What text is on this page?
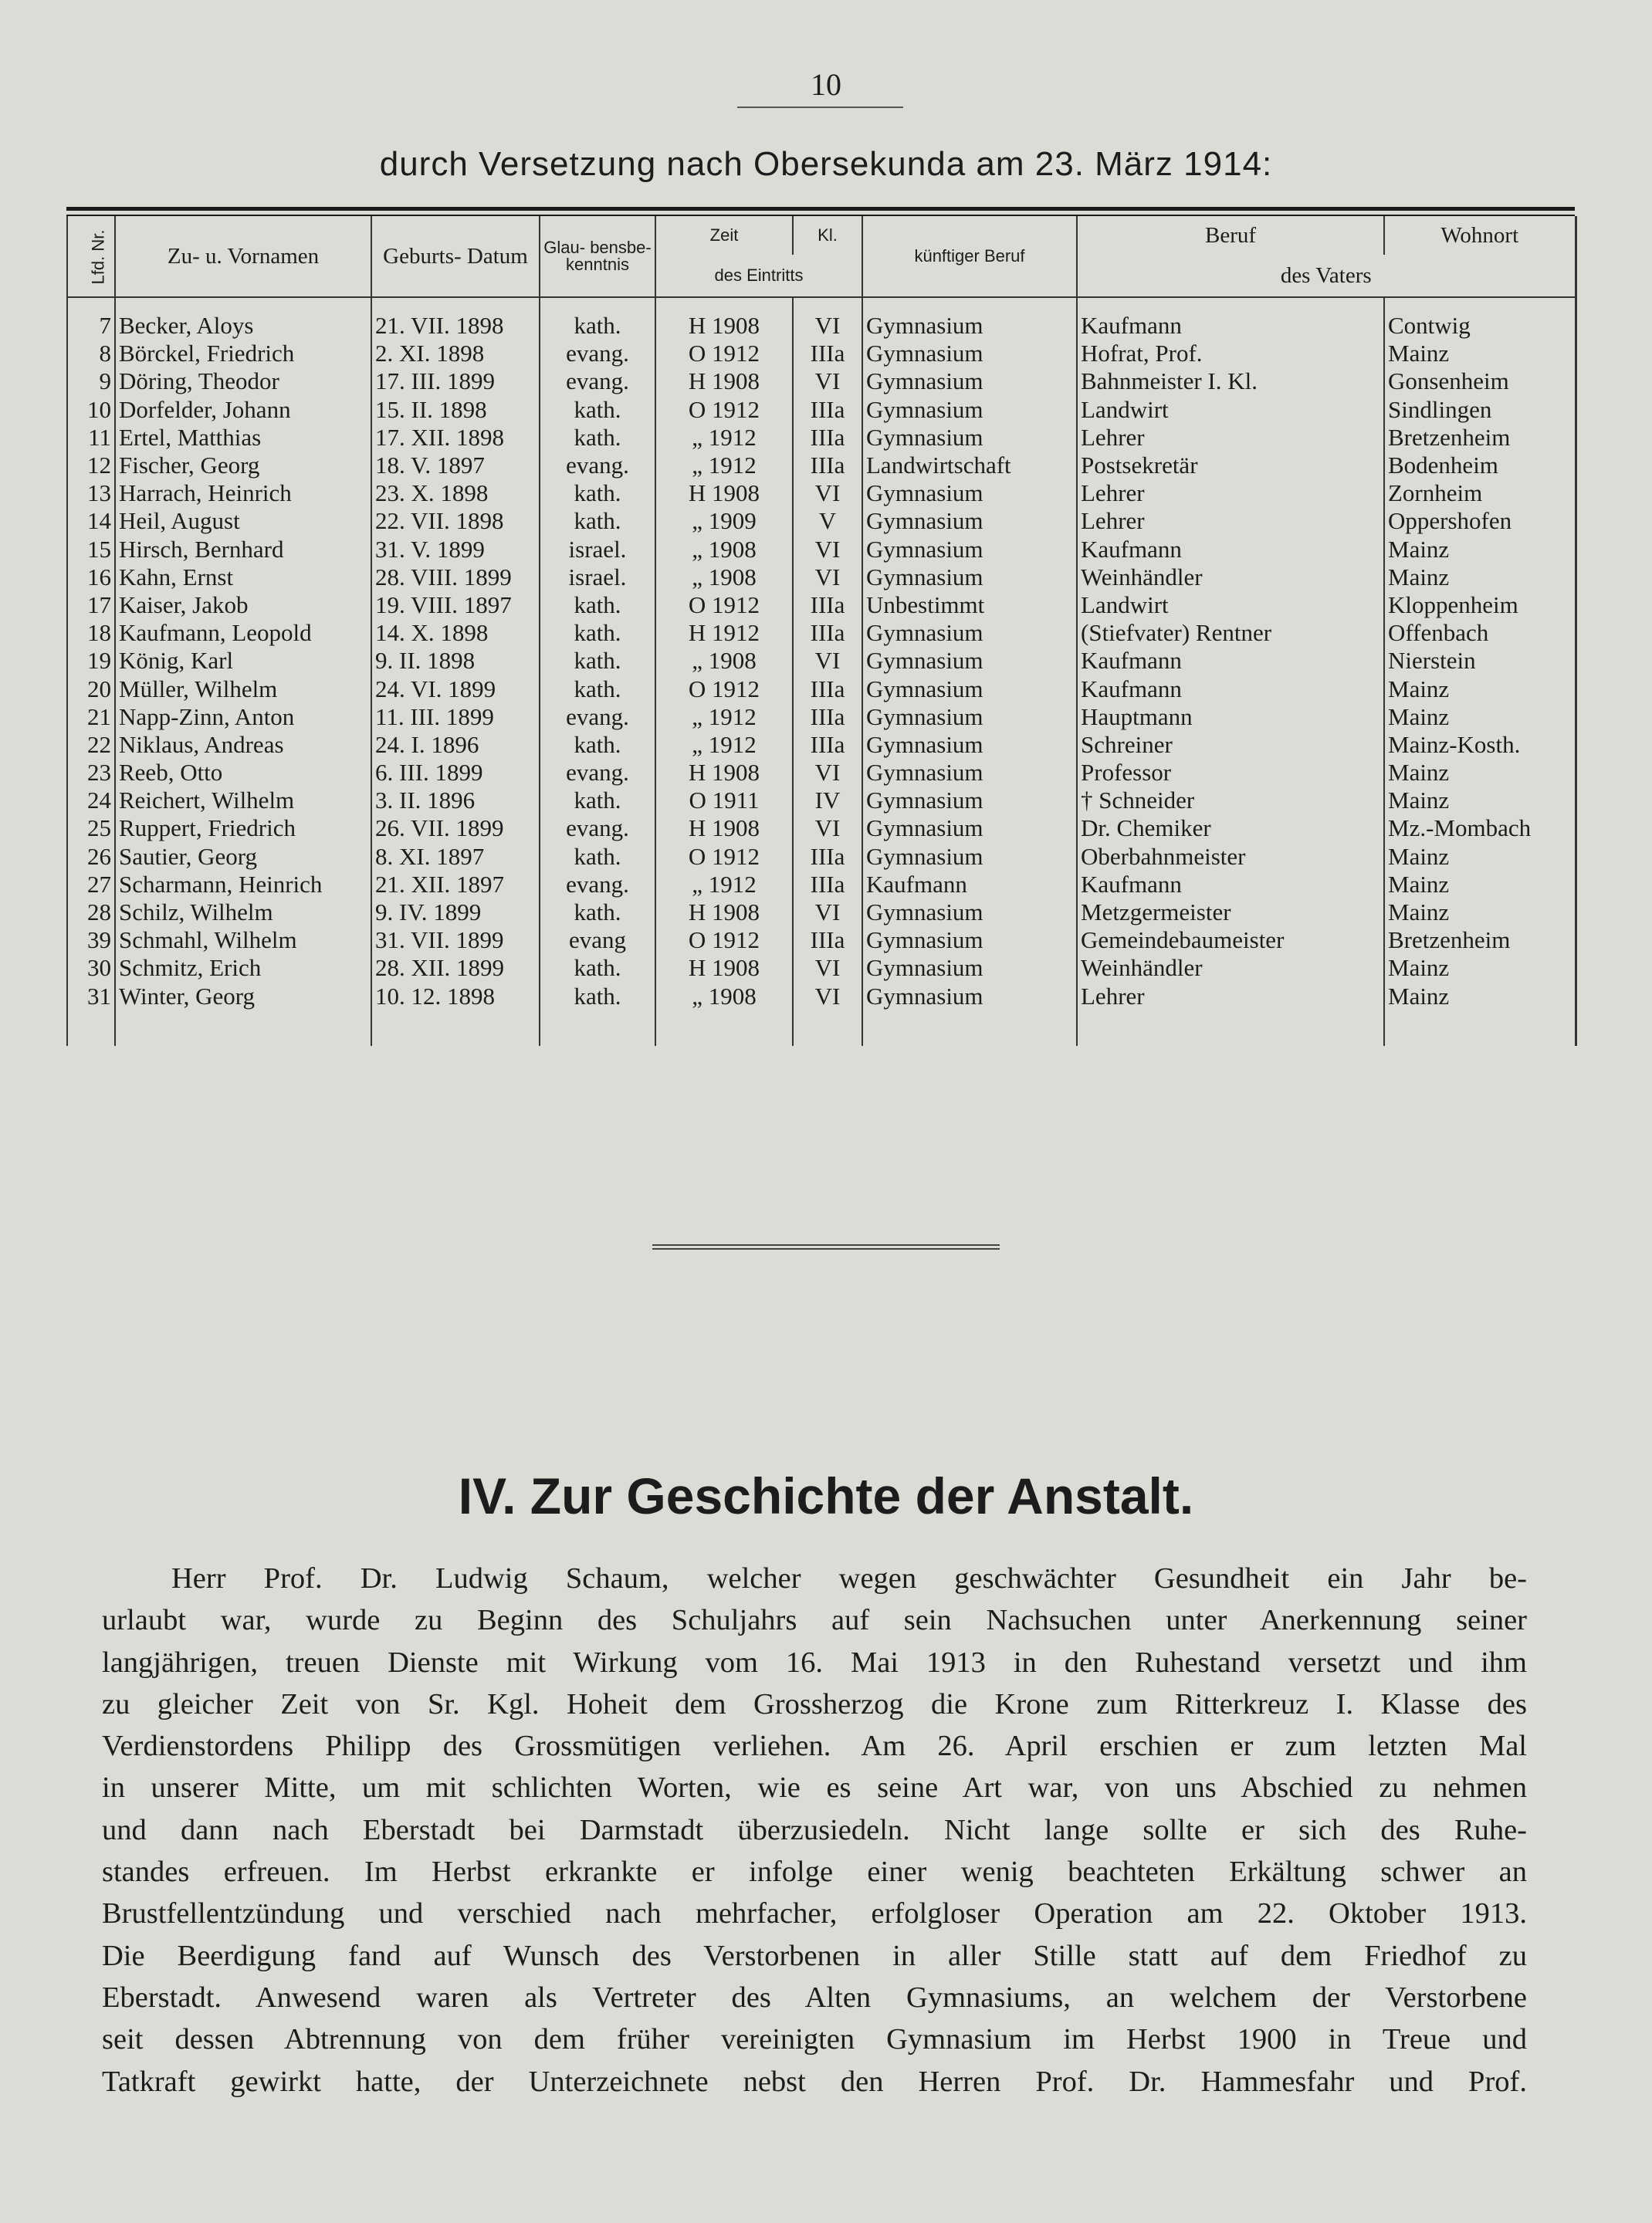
10
durch Versetzung nach Obersekunda am 23. März 1914:
Lfd. Nr.	Zu- u. Vornamen	Geburts- Datum	Glau- bensbe- kenntnis	Zeit	Kl.	künftiger Beruf	Beruf	Wohnort
				des Eintritts			des Vaters	

7	Becker, Aloys	21. VII. 1898	kath.	H 1908	VI	Gymnasium	Kaufmann	Contwig
8	Börckel, Friedrich	2. XI. 1898	evang.	O 1912	IIIa	Gymnasium	Hofrat, Prof.	Mainz
9	Döring, Theodor	17. III. 1899	evang.	H 1908	VI	Gymnasium	Bahnmeister I. Kl.	Gonsenheim
10	Dorfelder, Johann	15. II. 1898	kath.	O 1912	IIIa	Gymnasium	Landwirt	Sindlingen
11	Ertel, Matthias	17. XII. 1898	kath.	„ 1912	IIIa	Gymnasium	Lehrer	Bretzenheim
12	Fischer, Georg	18. V. 1897	evang.	„ 1912	IIIa	Landwirtschaft	Postsekretär	Bodenheim
13	Harrach, Heinrich	23. X. 1898	kath.	H 1908	VI	Gymnasium	Lehrer	Zornheim
14	Heil, August	22. VII. 1898	kath.	„ 1909	V	Gymnasium	Lehrer	Oppershofen
15	Hirsch, Bernhard	31. V. 1899	israel.	„ 1908	VI	Gymnasium	Kaufmann	Mainz
16	Kahn, Ernst	28. VIII. 1899	israel.	„ 1908	VI	Gymnasium	Weinhändler	Mainz
17	Kaiser, Jakob	19. VIII. 1897	kath.	O 1912	IIIa	Unbestimmt	Landwirt	Kloppenheim
18	Kaufmann, Leopold	14. X. 1898	kath.	H 1912	IIIa	Gymnasium	(Stiefvater) Rentner	Offenbach
19	König, Karl	9. II. 1898	kath.	„ 1908	VI	Gymnasium	Kaufmann	Nierstein
20	Müller, Wilhelm	24. VI. 1899	kath.	O 1912	IIIa	Gymnasium	Kaufmann	Mainz
21	Napp-Zinn, Anton	11. III. 1899	evang.	„ 1912	IIIa	Gymnasium	Hauptmann	Mainz
22	Niklaus, Andreas	24. I. 1896	kath.	„ 1912	IIIa	Gymnasium	Schreiner	Mainz-Kosth.
23	Reeb, Otto	6. III. 1899	evang.	H 1908	VI	Gymnasium	Professor	Mainz
24	Reichert, Wilhelm	3. II. 1896	kath.	O 1911	IV	Gymnasium	† Schneider	Mainz
25	Ruppert, Friedrich	26. VII. 1899	evang.	H 1908	VI	Gymnasium	Dr. Chemiker	Mz.-Mombach
26	Sautier, Georg	8. XI. 1897	kath.	O 1912	IIIa	Gymnasium	Oberbahnmeister	Mainz
27	Scharmann, Heinrich	21. XII. 1897	evang.	„ 1912	IIIa	Kaufmann	Kaufmann	Mainz
28	Schilz, Wilhelm	9. IV. 1899	kath.	H 1908	VI	Gymnasium	Metzgermeister	Mainz
39	Schmahl, Wilhelm	31. VII. 1899	evang	O 1912	IIIa	Gymnasium	Gemeindebaumeister	Bretzenheim
30	Schmitz, Erich	28. XII. 1899	kath.	H 1908	VI	Gymnasium	Weinhändler	Mainz
31	Winter, Georg	10. 12. 1898	kath.	„ 1908	VI	Gymnasium	Lehrer	Mainz

IV. Zur Geschichte der Anstalt.
Herr Prof. Dr. Ludwig Schaum, welcher wegen geschwächter Gesundheit ein Jahr be-
urlaubt war, wurde zu Beginn des Schuljahrs auf sein Nachsuchen unter Anerkennung seiner
langjährigen, treuen Dienste mit Wirkung vom 16. Mai 1913 in den Ruhestand versetzt und ihm
zu gleicher Zeit von Sr. Kgl. Hoheit dem Grossherzog die Krone zum Ritterkreuz I. Klasse des
Verdienstordens Philipp des Grossmütigen verliehen. Am 26. April erschien er zum letzten Mal
in unserer Mitte, um mit schlichten Worten, wie es seine Art war, von uns Abschied zu nehmen
und dann nach Eberstadt bei Darmstadt überzusiedeln. Nicht lange sollte er sich des Ruhe-
standes erfreuen. Im Herbst erkrankte er infolge einer wenig beachteten Erkältung schwer an
Brustfellentzündung und verschied nach mehrfacher, erfolgloser Operation am 22. Oktober 1913.
Die Beerdigung fand auf Wunsch des Verstorbenen in aller Stille statt auf dem Friedhof zu
Eberstadt. Anwesend waren als Vertreter des Alten Gymnasiums, an welchem der Verstorbene
seit dessen Abtrennung von dem früher vereinigten Gymnasium im Herbst 1900 in Treue und
Tatkraft gewirkt hatte, der Unterzeichnete nebst den Herren Prof. Dr. Hammesfahr und Prof.
